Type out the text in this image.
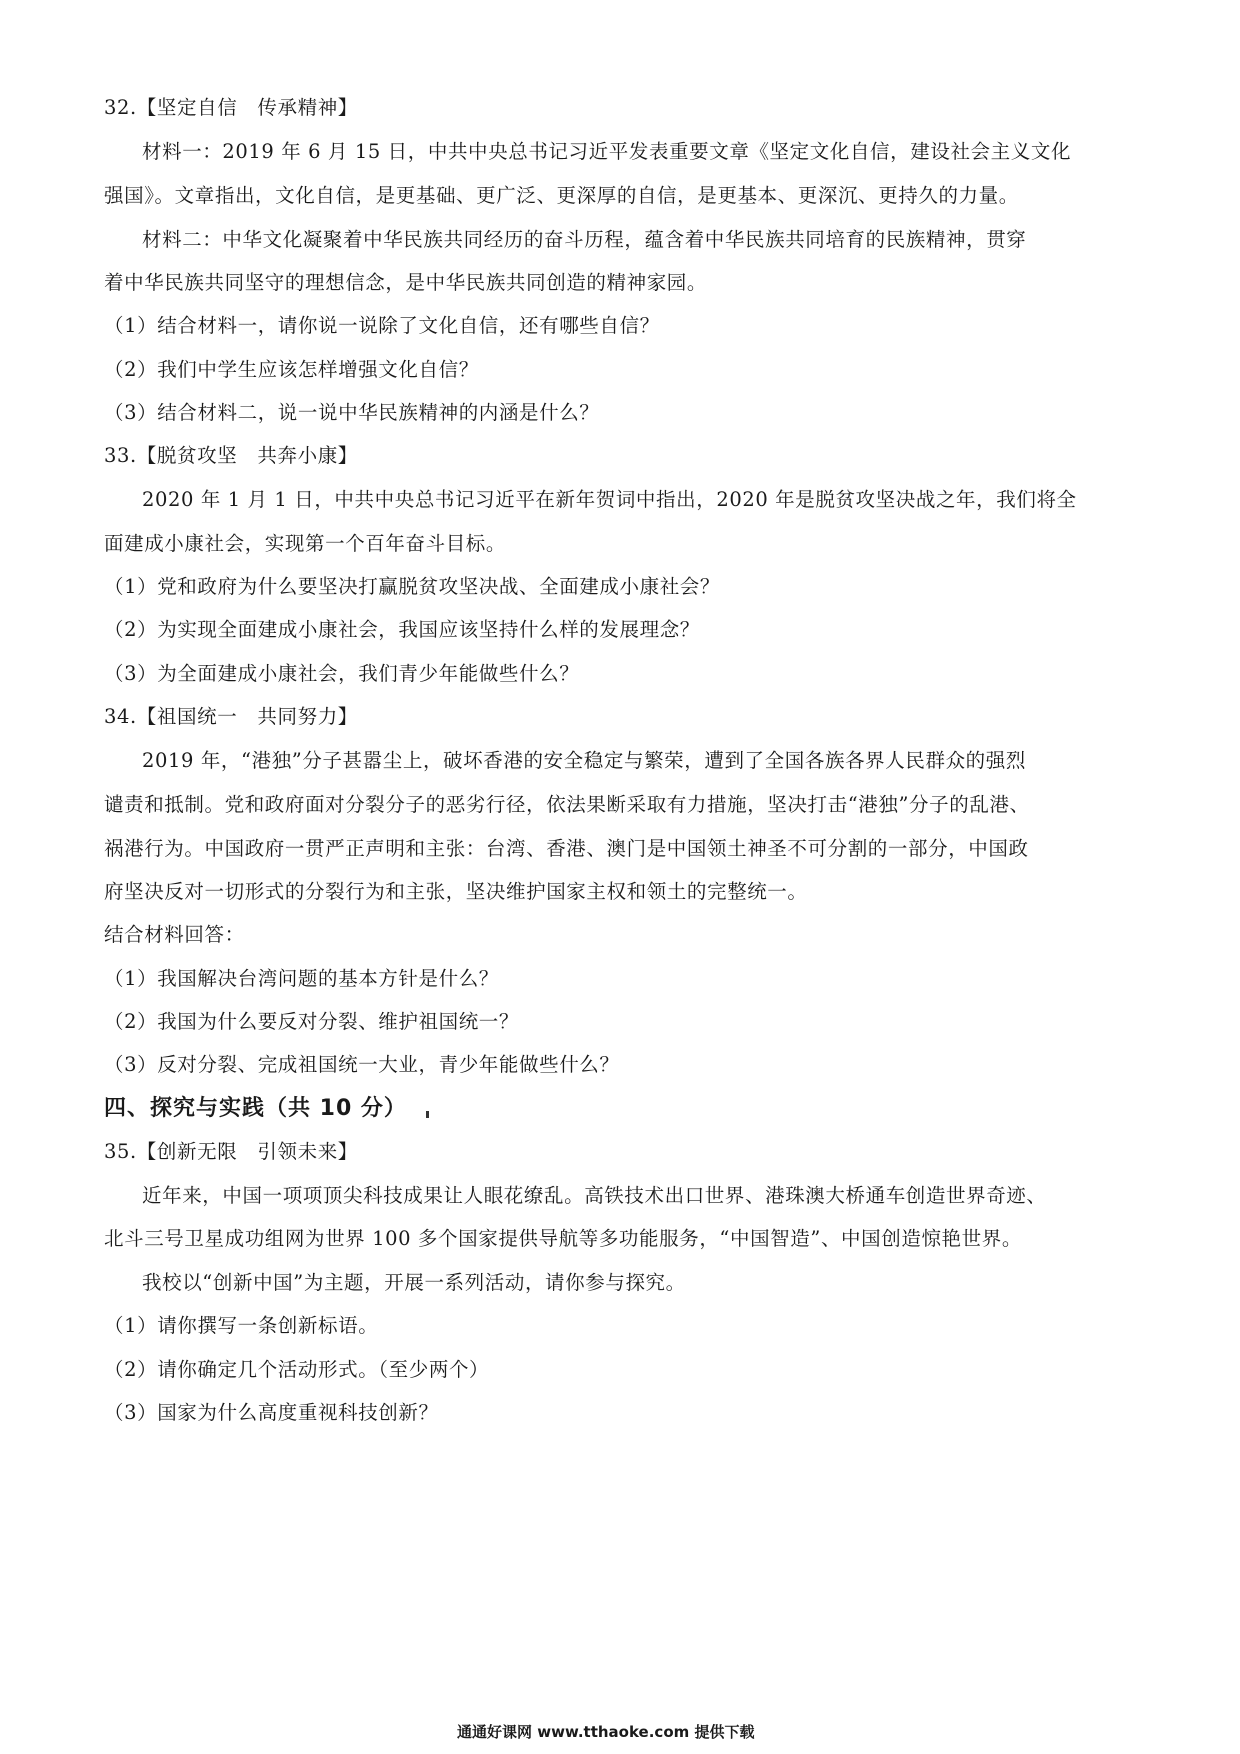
32.【坚定自信　传承精神】
材料一：2019 年 6 月 15 日，中共中央总书记习近平发表重要文章《坚定文化自信，建设社会主义文化
强国》。文章指出，文化自信，是更基础、更广泛、更深厚的自信，是更基本、更深沉、更持久的力量。
材料二：中华文化凝聚着中华民族共同经历的奋斗历程，蕴含着中华民族共同培育的民族精神，贯穿
着中华民族共同坚守的理想信念，是中华民族共同创造的精神家园。
（1）结合材料一，请你说一说除了文化自信，还有哪些自信？
（2）我们中学生应该怎样增强文化自信？
（3）结合材料二，说一说中华民族精神的内涵是什么？
33.【脱贫攻坚　共奔小康】
2020 年 1 月 1 日，中共中央总书记习近平在新年贺词中指出，2020 年是脱贫攻坚决战之年，我们将全
面建成小康社会，实现第一个百年奋斗目标。
（1）党和政府为什么要坚决打赢脱贫攻坚决战、全面建成小康社会？
（2）为实现全面建成小康社会，我国应该坚持什么样的发展理念？
（3）为全面建成小康社会，我们青少年能做些什么？
34.【祖国统一　共同努力】
2019 年，“港独”分子甚嚣尘上，破坏香港的安全稳定与繁荣，遭到了全国各族各界人民群众的强烈
谴责和抵制。党和政府面对分裂分子的恶劣行径，依法果断采取有力措施，坚决打击“港独”分子的乱港、
祸港行为。中国政府一贯严正声明和主张：台湾、香港、澳门是中国领土神圣不可分割的一部分，中国政
府坚决反对一切形式的分裂行为和主张，坚决维护国家主权和领土的完整统一。
结合材料回答：
（1）我国解决台湾问题的基本方针是什么？
（2）我国为什么要反对分裂、维护祖国统一？
（3）反对分裂、完成祖国统一大业，青少年能做些什么？
四、探究与实践（共 10 分）
35.【创新无限　引领未来】
近年来，中国一项项顶尖科技成果让人眼花缭乱。高铁技术出口世界、港珠澳大桥通车创造世界奇迹、
北斗三号卫星成功组网为世界 100 多个国家提供导航等多功能服务，“中国智造”、中国创造惊艳世界。
我校以“创新中国”为主题，开展一系列活动，请你参与探究。
（1）请你撰写一条创新标语。
（2）请你确定几个活动形式。（至少两个）
（3）国家为什么高度重视科技创新？
通通好课网 www.tthaoke.com 提供下载
